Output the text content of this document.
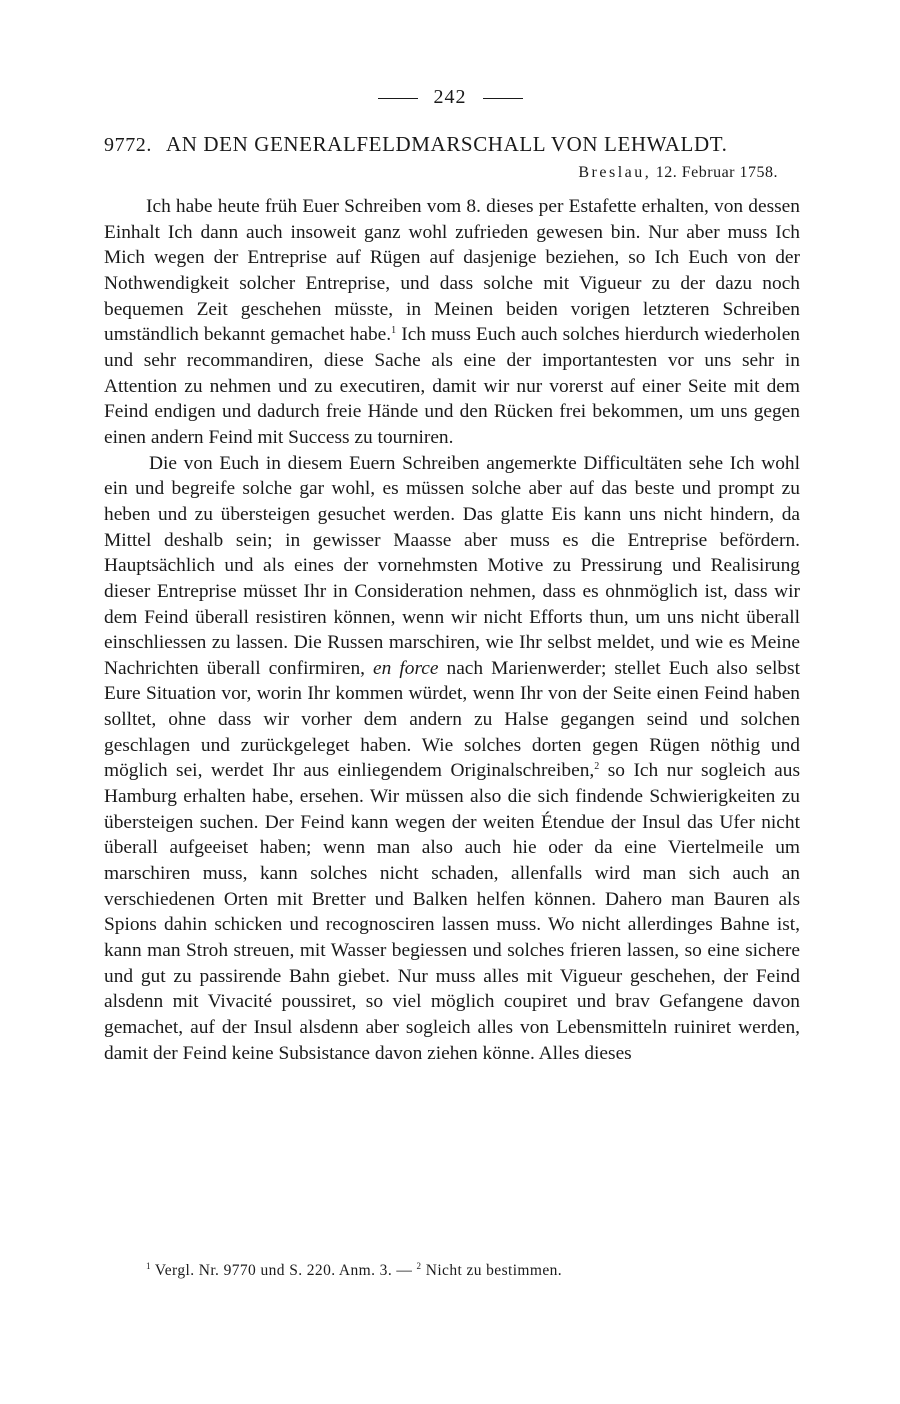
242
9772. AN DEN GENERALFELDMARSCHALL VON LEHWALDT.
Breslau, 12. Februar 1758.

Ich habe heute früh Euer Schreiben vom 8. dieses per Estafette erhalten, von dessen Einhalt Ich dann auch insoweit ganz wohl zufrieden gewesen bin. Nur aber muss Ich Mich wegen der Entreprise auf Rügen auf dasjenige beziehen, so Ich Euch von der Nothwendigkeit solcher Entreprise, und dass solche mit Vigueur zu der dazu noch bequemen Zeit geschehen müsste, in Meinen beiden vorigen letzteren Schreiben umständlich bekannt gemachet habe.$^1$ Ich muss Euch auch solches hierdurch wiederholen und sehr recommandiren, diese Sache als eine der importantesten vor uns sehr in Attention zu nehmen und zu executiren, damit wir nur vorerst auf einer Seite mit dem Feind endigen und dadurch freie Hände und den Rücken frei bekommen, um uns gegen einen andern Feind mit Success zu tourniren.

Die von Euch in diesem Euern Schreiben angemerkte Difficultäten sehe Ich wohl ein und begreife solche gar wohl, es müssen solche aber auf das beste und prompt zu heben und zu übersteigen gesuchet werden. Das glatte Eis kann uns nicht hindern, da Mittel deshalb sein; in gewisser Maasse aber muss es die Entreprise befördern. Hauptsächlich und als eines der vornehmsten Motive zu Pressirung und Realisirung dieser Entreprise müsset Ihr in Consideration nehmen, dass es ohnmöglich ist, dass wir dem Feind überall resistiren können, wenn wir nicht Efforts thun, um uns nicht überall einschliessen zu lassen. Die Russen marschiren, wie Ihr selbst meldet, und wie es Meine Nachrichten überall confirmiren, en force nach Marienwerder; stellet Euch also selbst Eure Situation vor, worin Ihr kommen würdet, wenn Ihr von der Seite einen Feind haben solltet, ohne dass wir vorher dem andern zu Halse gegangen seind und solchen geschlagen und zurückgeleget haben. Wie solches dorten gegen Rügen nöthig und möglich sei, werdet Ihr aus einliegendem Originalschreiben,$^2$ so Ich nur sogleich aus Hamburg erhalten habe, ersehen. Wir müssen also die sich findende Schwierigkeiten zu übersteigen suchen. Der Feind kann wegen der weiten Étendue der Insul das Ufer nicht überall aufgeeiset haben; wenn man also auch hie oder da eine Viertelmeile um marschiren muss, kann solches nicht schaden, allenfalls wird man sich auch an verschiedenen Orten mit Bretter und Balken helfen können. Dahero man Bauren als Spions dahin schicken und recognosciren lassen muss. Wo nicht allerdinges Bahne ist, kann man Stroh streuen, mit Wasser begiessen und solches frieren lassen, so eine sichere und gut zu passirende Bahn giebet. Nur muss alles mit Vigueur geschehen, der Feind alsdenn mit Vivacité poussiret, so viel möglich coupiret und brav Gefangene davon gemachet, auf der Insul alsdenn aber sogleich alles von Lebensmitteln ruiniret werden, damit der Feind keine Subsistance davon ziehen könne. Alles dieses

$^1$ Vergl. Nr. 9770 und S. 220. Anm. 3. — $^2$ Nicht zu bestimmen.
